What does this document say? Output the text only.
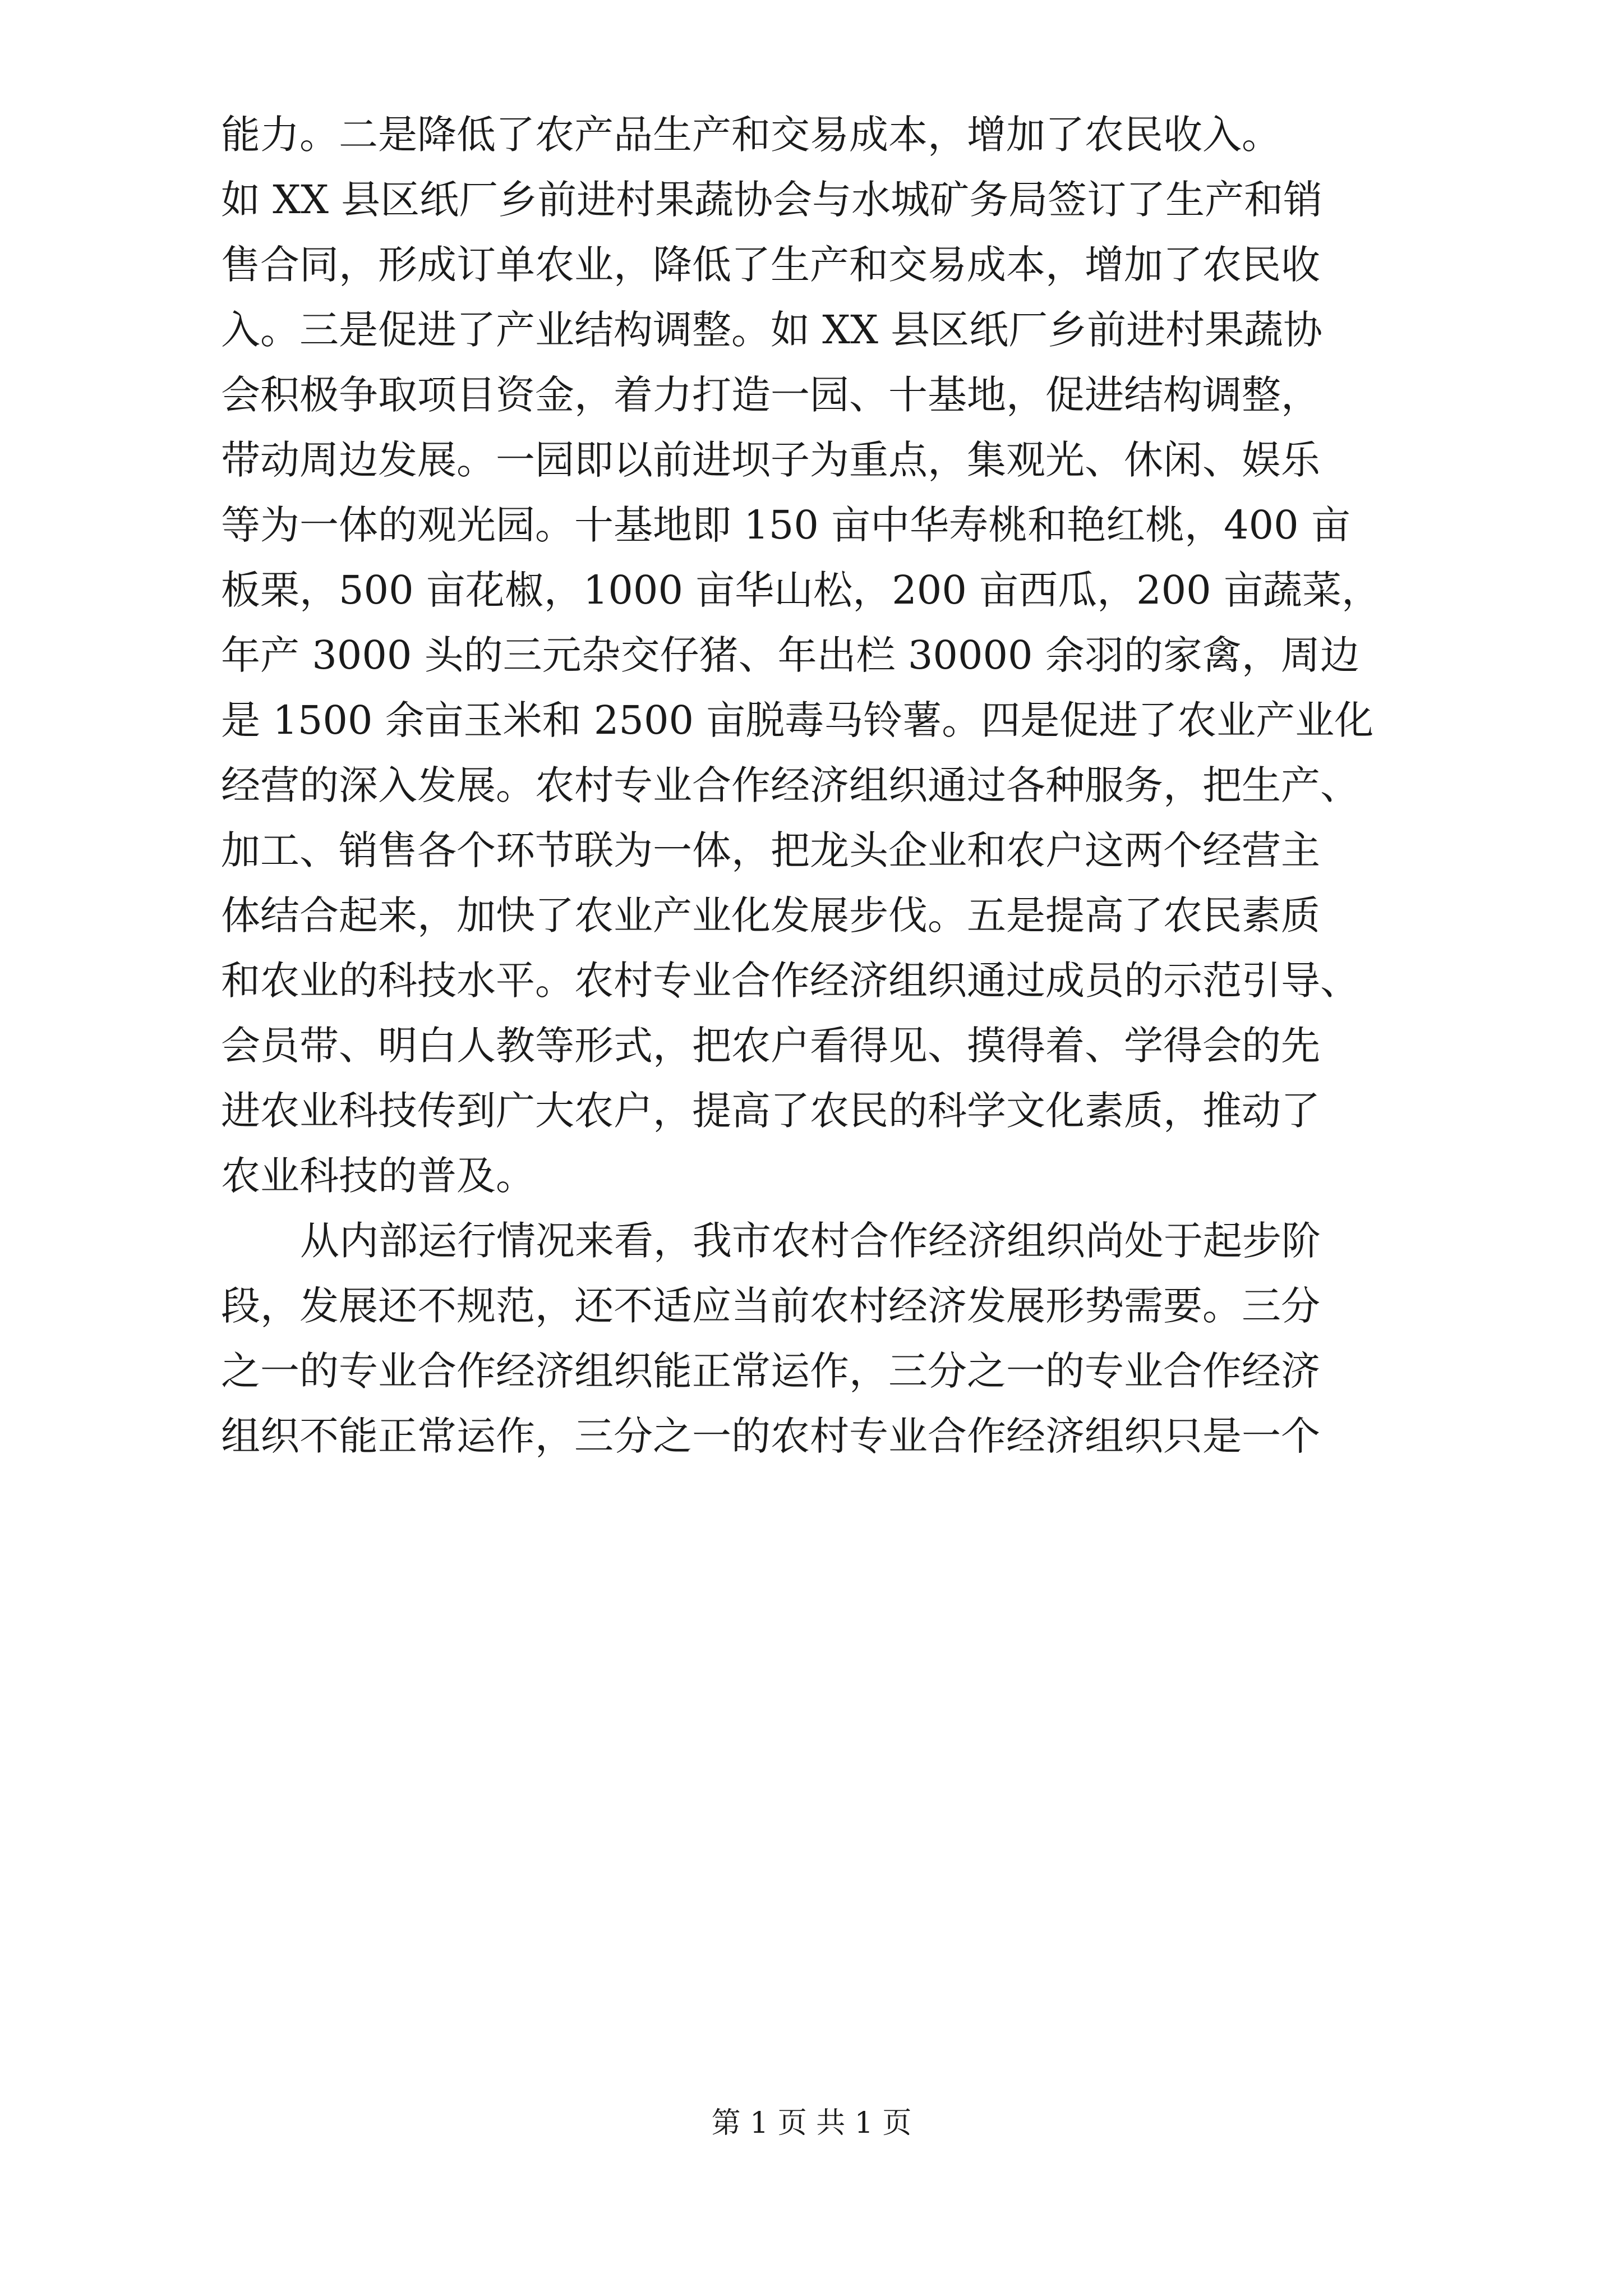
能力。二是降低了农产品生产和交易成本，增加了农民收入。
如 XX 县区纸厂乡前进村果蔬协会与水城矿务局签订了生产和销
售合同，形成订单农业，降低了生产和交易成本，增加了农民收
入。三是促进了产业结构调整。如 XX 县区纸厂乡前进村果蔬协
会积极争取项目资金，着力打造一园、十基地，促进结构调整，
带动周边发展。一园即以前进坝子为重点，集观光、休闲、娱乐
等为一体的观光园。十基地即 150 亩中华寿桃和艳红桃，400 亩
板栗，500 亩花椒，1000 亩华山松，200 亩西瓜，200 亩蔬菜，
年产 3000 头的三元杂交仔猪、年出栏 30000 余羽的家禽，周边
是 1500 余亩玉米和 2500 亩脱毒马铃薯。四是促进了农业产业化
经营的深入发展。农村专业合作经济组织通过各种服务，把生产、
加工、销售各个环节联为一体，把龙头企业和农户这两个经营主
体结合起来，加快了农业产业化发展步伐。五是提高了农民素质
和农业的科技水平。农村专业合作经济组织通过成员的示范引导、
会员带、明白人教等形式，把农户看得见、摸得着、学得会的先
进农业科技传到广大农户，提高了农民的科学文化素质，推动了
农业科技的普及。
从内部运行情况来看，我市农村合作经济组织尚处于起步阶
段，发展还不规范，还不适应当前农村经济发展形势需要。三分
之一的专业合作经济组织能正常运作，三分之一的专业合作经济
组织不能正常运作，三分之一的农村专业合作经济组织只是一个
第 1 页 共 1 页
